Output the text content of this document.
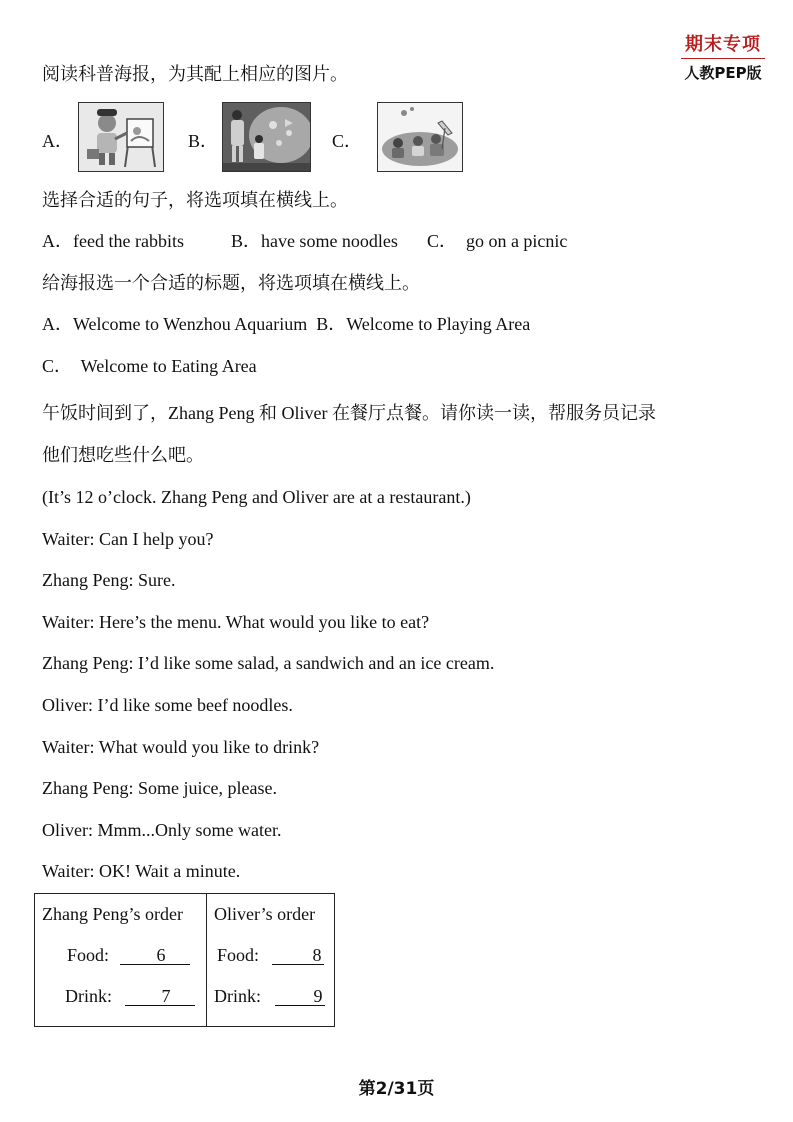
期末专项
人教PEP版
阅读科普海报，为其配上相应的图片。
A．	B．	C．
选择合适的句子，将选项填在横线上。
A．feed the rabbits	B．have some noodles C．  go on a picnic
给海报选一个合适的标题，将选项填在横线上。
A．Welcome to Wenzhou Aquarium  B．Welcome to Playing Area
C．  Welcome to Eating Area
午饭时间到了，Zhang Peng 和 Oliver 在餐厅点餐。请你读一读，帮服务员记录
他们想吃些什么吧。
(It’s 12 o’clock. Zhang Peng and Oliver are at a restaurant.)
Waiter: Can I help you?
Zhang Peng: Sure.
Waiter: Here’s the menu. What would you like to eat?
Zhang Peng: I’d like some salad, a sandwich and an ice cream.
Oliver: I’d like some beef noodles.
Waiter: What would you like to drink?
Zhang Peng: Some juice, please.
Oliver: Mmm...Only some water.
Waiter: OK! Wait a minute.
Zhang Peng’s order
Food:	6
Drink:	7

Oliver’s order
Food:	8
Drink:	9
第2/31页
